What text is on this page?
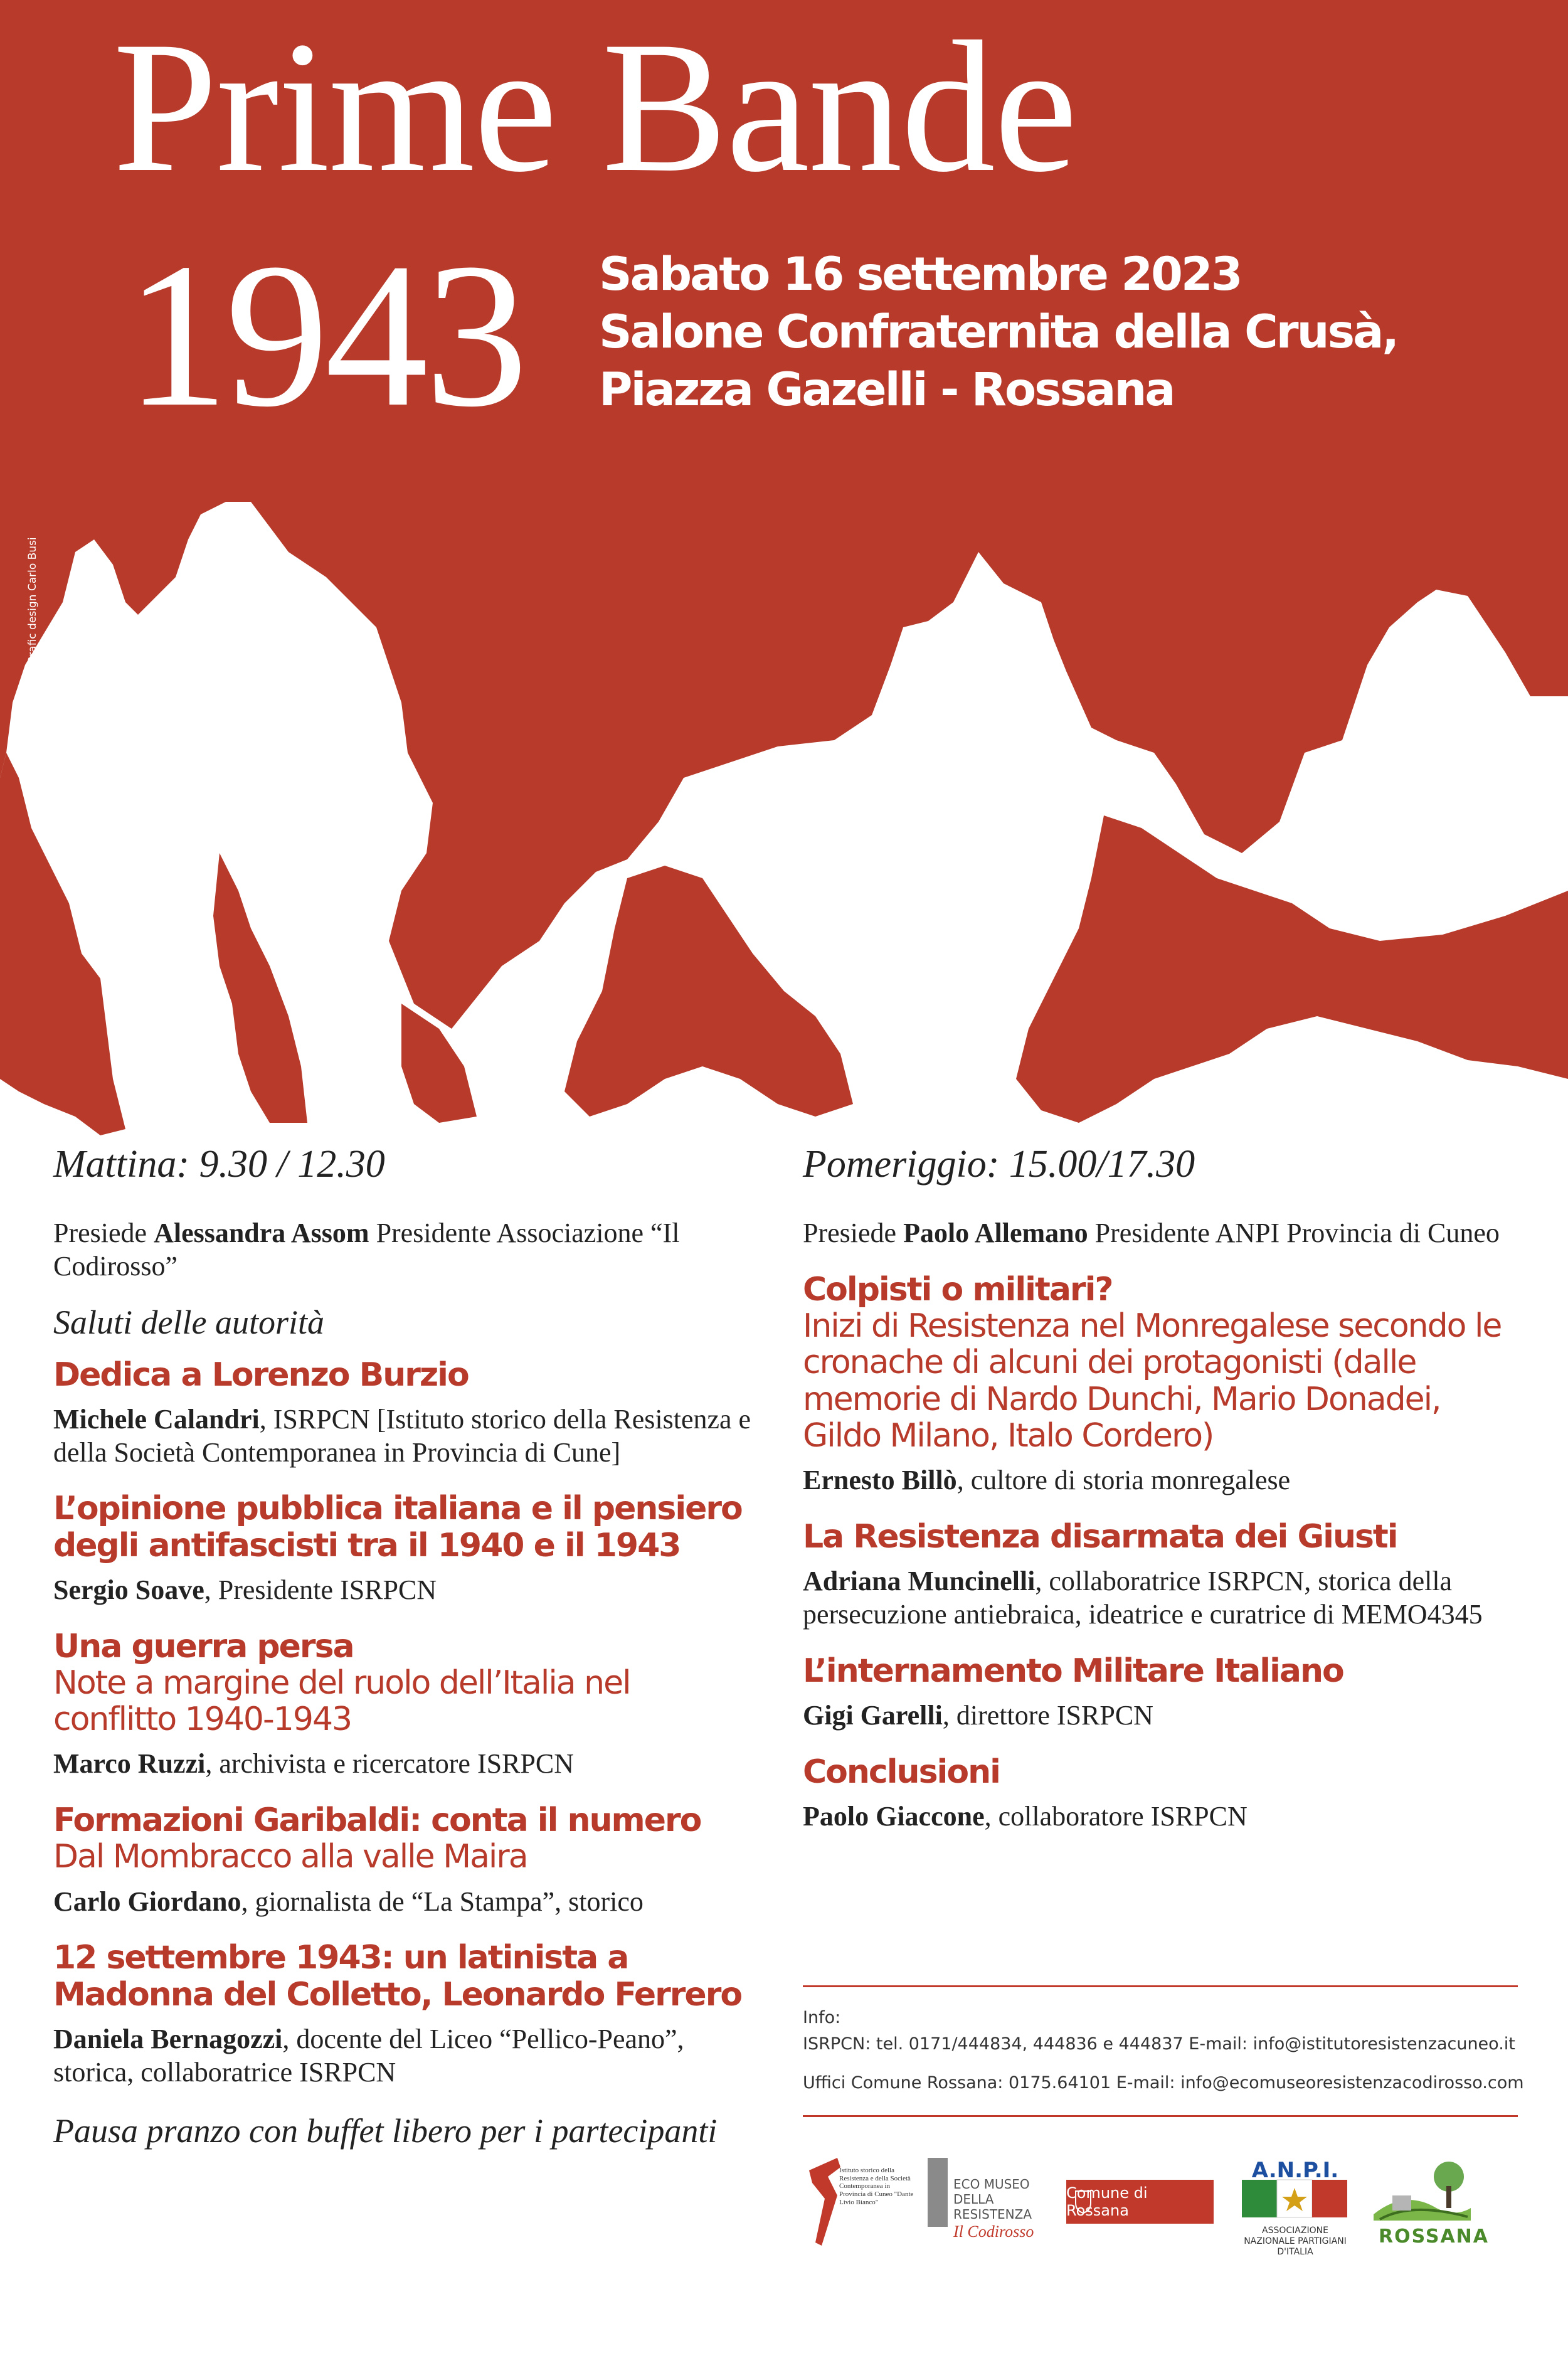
Prime Bande
1943 Sabato 16 settembre 2023
Salone Confraternita della Crusà,
Piazza Gazelli - Rossana
Grafic design Carlo Busi
Mattina: 9.30 / 12.30
Presiede Alessandra Assom Presidente Associazione “Il Codirosso”
Saluti delle autorità
Dedica a Lorenzo Burzio
Michele Calandri, ISRPCN [Istituto storico della Resistenza e della Società Contemporanea in Provincia di Cune]
L’opinione pubblica italiana e il pensiero degli antifascisti tra il 1940 e il 1943
Sergio Soave, Presidente ISRPCN
Una guerra persa
Note a margine del ruolo dell’Italia nel conflitto 1940-1943
Marco Ruzzi, archivista e ricercatore ISRPCN
Formazioni Garibaldi: conta il numero
Dal Mombracco alla valle Maira
Carlo Giordano, giornalista de “La Stampa”, storico
12 settembre 1943: un latinista a Madonna del Colletto, Leonardo Ferrero
Daniela Bernagozzi, docente del Liceo “Pellico-Peano”, storica, collaboratrice ISRPCN
Pausa pranzo con buffet libero per i partecipanti
Pomeriggio: 15.00/17.30
Presiede Paolo Allemano Presidente ANPI Provincia di Cuneo
Colpisti o militari?
Inizi di Resistenza nel Monregalese secondo le cronache di alcuni dei protagonisti (dalle memorie di Nardo Dunchi, Mario Donadei, Gildo Milano, Italo Cordero)
Ernesto Billò, cultore di storia monregalese
La Resistenza disarmata dei Giusti
Adriana Muncinelli, collaboratrice ISRPCN, storica della persecuzione antiebraica, ideatrice e curatrice di MEMO4345
L’internamento Militare Italiano
Gigi Garelli, direttore ISRPCN
Conclusioni
Paolo Giaccone, collaboratore ISRPCN
Info:
ISRPCN: tel. 0171/444834, 444836 e 444837 E-mail: info@istitutoresistenzacuneo.it
Uffici Comune Rossana: 0175.64101 E-mail: info@ecomuseoresistenzacodirosso.com
Istituto storico della Resistenza e della Società Contemporanea in Provincia di Cuneo "Dante Livio Bianco"
ECO MUSEO DELLA
RESISTENZA
Il Codirosso
Comune di Rossana
A.N.P.I.
ASSOCIAZIONE NAZIONALE PARTIGIANI D'ITALIA
ROSSANA
